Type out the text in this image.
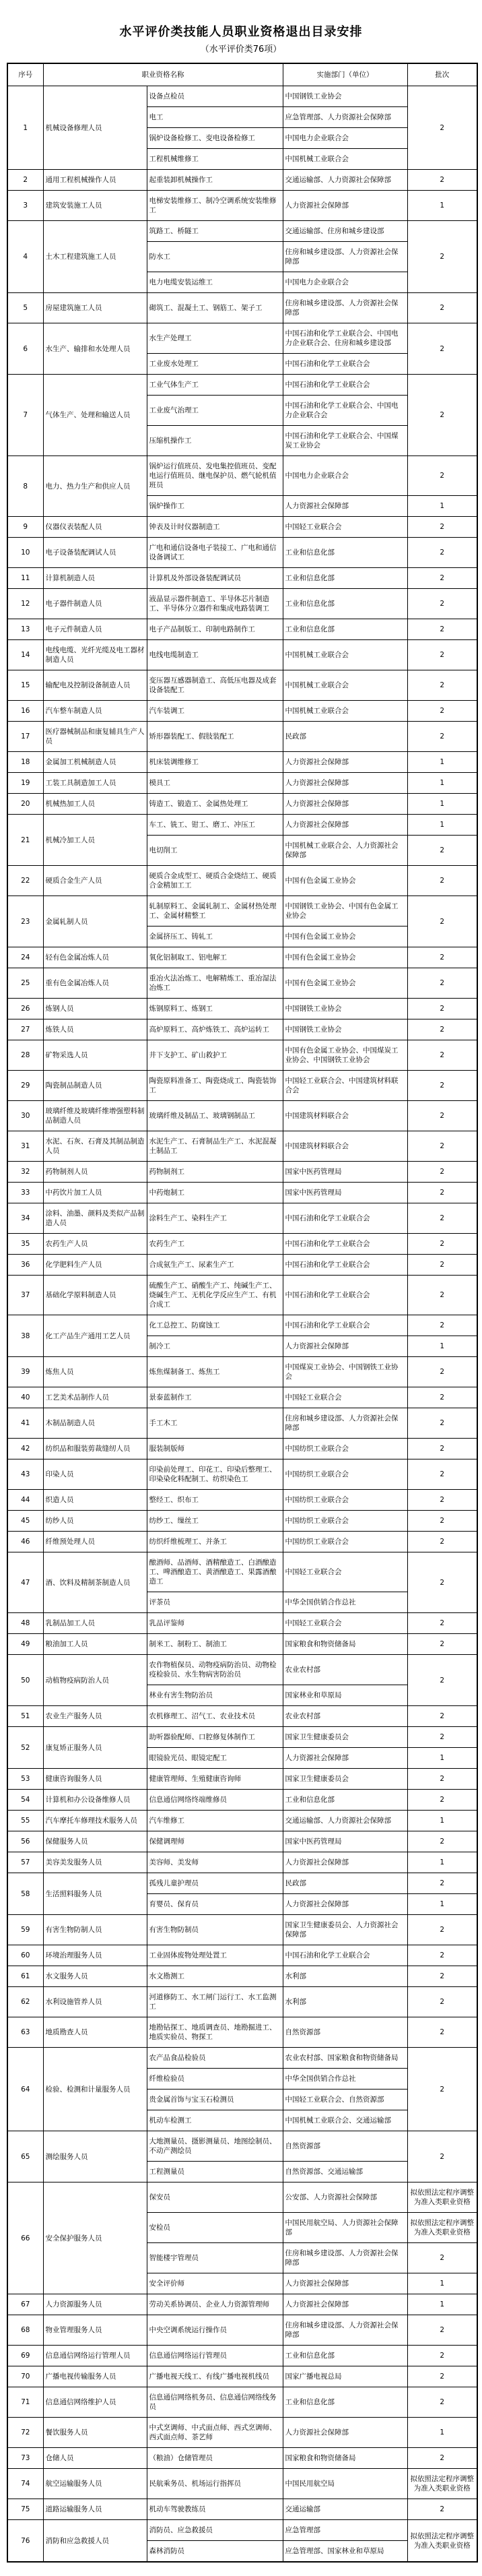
水平评价类技能人员职业资格退出目录安排
（水平评价类76项）
序号	职业资格名称		实施部门（单位）	批次
1	机械设备修理人员	设备点检员	中国钢铁工业协会	2
		电工	应急管理部、人力资源社会保障部	
		锅炉设备检修工、变电设备检修工	中国电力企业联合会	
		工程机械维修工	中国机械工业联合会	
2	通用工程机械操作人员	起重装卸机械操作工	交通运输部、人力资源社会保障部	2
3	建筑安装施工人员	电梯安装维修工、制冷空调系统安装维修工	人力资源社会保障部	1
4	土木工程建筑施工人员	筑路工、桥隧工	交通运输部、住房和城乡建设部	2
		防水工	住房和城乡建设部、人力资源社会保障部	
		电力电缆安装运维工	中国电力企业联合会	
5	房屋建筑施工人员	砌筑工、混凝土工、钢筋工、架子工	住房和城乡建设部、人力资源社会保障部	2
6	水生产、输排和水处理人员	水生产处理工	中国石油和化学工业联合会、中国电力企业联合会、住房和城乡建设部	2
		工业废水处理工	中国石油和化学工业联合会	
7	气体生产、处理和输送人员	工业气体生产工	中国石油和化学工业联合会	2
		工业废气治理工	中国石油和化学工业联合会、中国电力企业联合会	
		压缩机操作工	中国石油和化学工业联合会、中国煤炭工业协会	
8	电力、热力生产和供应人员	锅炉运行值班员、发电集控值班员、变配电运行值班员、继电保护员、燃气轮机值班员	中国电力企业联合会	2
		锅炉操作工	人力资源社会保障部	1
9	仪器仪表装配人员	钟表及计时仪器制造工	中国轻工业联合会	2
10	电子设备装配调试人员	广电和通信设备电子装接工、广电和通信设备调试工	工业和信息化部	2
11	计算机制造人员	计算机及外部设备装配调试员	工业和信息化部	2
12	电子器件制造人员	液晶显示器件制造工、半导体芯片制造工、半导体分立器件和集成电路装调工	工业和信息化部	2
13	电子元件制造人员	电子产品制版工、印制电路制作工	工业和信息化部	2
14	电线电缆、光纤光缆及电工器材制造人员	电线电缆制造工	中国机械工业联合会	2
15	输配电及控制设备制造人员	变压器互感器制造工、高低压电器及成套设备装配工	中国机械工业联合会	2
16	汽车整车制造人员	汽车装调工	中国机械工业联合会	2
17	医疗器械制品和康复辅具生产人员	矫形器装配工、假肢装配工	民政部	2
18	金属加工机械制造人员	机床装调维修工	人力资源社会保障部	1
19	工装工具制造加工人员	模具工	人力资源社会保障部	1
20	机械热加工人员	铸造工、锻造工、金属热处理工	人力资源社会保障部	1
21	机械冷加工人员	车工、铣工、钳工、磨工、冲压工	人力资源社会保障部	1
		电切削工	中国机械工业联合会、人力资源社会保障部	2
22	硬质合金生产人员	硬质合金成型工、硬质合金烧结工、硬质合金精加工工	中国有色金属工业协会	2
23	金属轧制人员	轧制原料工、金属轧制工、金属材热处理工、金属材精整工	中国钢铁工业协会、中国有色金属工业协会	2
		金属挤压工、铸轧工	中国有色金属工业协会	
24	轻有色金属冶炼人员	氧化铝制取工、铝电解工	中国有色金属工业协会	2
25	重有色金属冶炼人员	重冶火法冶炼工、电解精炼工、重冶湿法冶炼工	中国有色金属工业协会	2
26	炼钢人员	炼钢原料工、炼钢工	中国钢铁工业协会	2
27	炼铁人员	高炉原料工、高炉炼铁工、高炉运转工	中国钢铁工业协会	2
28	矿物采选人员	井下支护工、矿山救护工	中国有色金属工业协会、中国煤炭工业协会、中国钢铁工业协会	2
29	陶瓷制品制造人员	陶瓷原料准备工、陶瓷烧成工、陶瓷装饰工	中国轻工业联合会、中国建筑材料联合会	2
30	玻璃纤维及玻璃纤维增强塑料制品制造人员	玻璃纤维及制品工、玻璃钢制品工	中国建筑材料联合会	2
31	水泥、石灰、石膏及其制品制造人员	水泥生产工、石膏制品生产工、水泥混凝土制品工	中国建筑材料联合会	2
32	药物制剂人员	药物制剂工	国家中医药管理局	2
33	中药饮片加工人员	中药炮制工	国家中医药管理局	2
34	涂料、油墨、颜料及类似产品制造人员	涂料生产工、染料生产工	中国石油和化学工业联合会	2
35	农药生产人员	农药生产工	中国石油和化学工业联合会	2
36	化学肥料生产人员	合成氨生产工、尿素生产工	中国石油和化学工业联合会	2
37	基础化学原料制造人员	硫酸生产工、硝酸生产工、纯碱生产工、烧碱生产工、无机化学反应生产工、有机合成工	中国石油和化学工业联合会	2
38	化工产品生产通用工艺人员	化工总控工、防腐蚀工	中国石油和化学工业联合会	2
		制冷工	人力资源社会保障部	1
39	炼焦人员	炼焦煤制备工、炼焦工	中国煤炭工业协会、中国钢铁工业协会	2
40	工艺美术品制作人员	景泰蓝制作工	中国轻工业联合会	2
41	木制品制造人员	手工木工	住房和城乡建设部、人力资源社会保障部	2
42	纺织品和服装剪裁缝纫人员	服装制版师	中国纺织工业联合会	2
43	印染人员	印染前处理工、印花工、印染后整理工、印染染化料配制工、纺织染色工	中国纺织工业联合会	2
44	织造人员	整经工、织布工	中国纺织工业联合会	2
45	纺纱人员	纺纱工、缫丝工	中国纺织工业联合会	2
46	纤维预处理人员	纺织纤维梳理工、并条工	中国纺织工业联合会	2
47	酒、饮料及精制茶制造人员	酿酒师、品酒师、酒精酿造工、白酒酿造工、啤酒酿造工、黄酒酿造工、果露酒酿造工	中国轻工业联合会	2
		评茶员	中华全国供销合作总社	
48	乳制品加工人员	乳品评鉴师	中国轻工业联合会	2
49	粮油加工人员	制米工、制粉工、制油工	国家粮食和物资储备局	2
50	动植物疫病防治人员	农作物植保员、动物疫病防治员、动物检疫检验员、水生物病害防治员	农业农村部	2
		林业有害生物防治员	国家林业和草原局	
51	农业生产服务人员	农机修理工、沼气工、农业技术员	农业农村部	2
52	康复矫正服务人员	助听器验配师、口腔修复体制作工	国家卫生健康委员会	2
		眼镜验光员、眼镜定配工	人力资源社会保障部	1
53	健康咨询服务人员	健康管理师、生殖健康咨询师	国家卫生健康委员会	2
54	计算机和办公设备维修人员	信息通信网络终端维修员	工业和信息化部	2
55	汽车摩托车修理技术服务人员	汽车维修工	交通运输部、人力资源社会保障部	1
56	保健服务人员	保健调理师	国家中医药管理局	2
57	美容美发服务人员	美容师、美发师	人力资源社会保障部	1
58	生活照料服务人员	孤残儿童护理员	民政部	2
		育婴员、保育员	人力资源社会保障部	1
59	有害生物防制人员	有害生物防制员	国家卫生健康委员会、人力资源社会保障部	2
60	环境治理服务人员	工业固体废物处理处置工	中国石油和化学工业联合会	2
61	水文服务人员	水文勘测工	水利部	2
62	水利设施管养人员	河道修防工、水工闸门运行工、水工监测工	水利部	2
63	地质勘查人员	地勘钻探工、地质调查员、地勘掘进工、地质实验员、物探工	自然资源部	2
64	检验、检测和计量服务人员	农产品食品检验员	农业农村部、国家粮食和物资储备局	2
		纤维检验员	中华全国供销合作总社	
		贵金属首饰与宝玉石检测员	中国轻工业联合会、自然资源部	
		机动车检测工	中国机械工业联合会、交通运输部	
65	测绘服务人员	大地测量员、摄影测量员、地图绘制员、不动产测绘员	自然资源部	2
		工程测量员	自然资源部、交通运输部	
66	安全保护服务人员	保安员	公安部、人力资源社会保障部	拟依照法定程序调整为准入类职业资格
		安检员	中国民用航空局、人力资源社会保障部	拟依照法定程序调整为准入类职业资格
		智能楼宇管理员	住房和城乡建设部、人力资源社会保障部	2
		安全评价师	人力资源社会保障部	1
67	人力资源服务人员	劳动关系协调员、企业人力资源管理师	人力资源社会保障部	1
68	物业管理服务人员	中央空调系统运行操作员	住房和城乡建设部、人力资源社会保障部	2
69	信息通信网络运行管理人员	信息通信网络运行管理员	工业和信息化部	2
70	广播电视传输服务人员	广播电视天线工、有线广播电视机线员	国家广播电视总局	2
71	信息通信网络维护人员	信息通信网络机务员、信息通信网络线务员	工业和信息化部	2
72	餐饮服务人员	中式烹调师、中式面点师、西式烹调师、西式面点师、茶艺师	人力资源社会保障部	1
73	仓储人员	（粮油）仓储管理员	国家粮食和物资储备局	2
74	航空运输服务人员	民航乘务员、机场运行指挥员	中国民用航空局	拟依照法定程序调整为准入类职业资格
75	道路运输服务人员	机动车驾驶教练员	交通运输部	2
76	消防和应急救援人员	消防员、应急救援员	应急管理部	拟依照法定程序调整为准入类职业资格
		森林消防员	应急管理部、国家林业和草原局	
